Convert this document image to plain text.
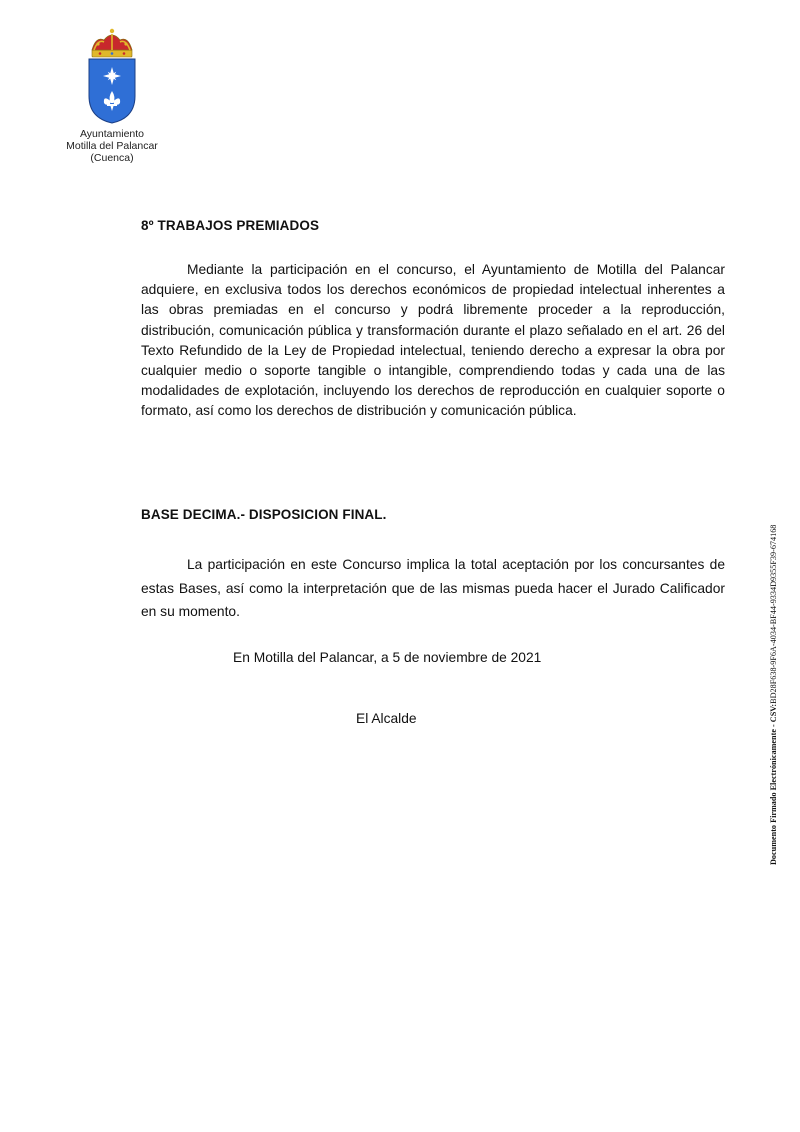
Ayuntamiento

Motilla del Palancar

(Cuenca)

8º TRABAJOS PREMIADOS

Mediante la participación en el concurso, el Ayuntamiento de Motilla del Palancar adquiere, en exclusiva todos los derechos económicos de propiedad intelectual inherentes a las obras premiadas en el concurso y podrá libremente proceder a la reproducción, distribución, comunicación pública y transformación durante el plazo señalado en el art. 26 del Texto Refundido de la Ley de Propiedad intelectual, teniendo derecho a expresar la obra por cualquier medio o soporte tangible o intangible, comprendiendo todas y cada una de las modalidades de explotación, incluyendo los derechos de reproducción en cualquier soporte o formato, así como los derechos de distribución y comunicación pública.

BASE DECIMA.- DISPOSICION FINAL.

La participación en este Concurso implica la total aceptación por los concursantes de estas Bases, así como la interpretación que de las mismas pueda hacer el Jurado Calificador en su momento.

En Motilla del Palancar, a 5 de noviembre de 2021

El Alcalde	Documento Firmado Electrónicamente - CSV:BD28F638-9F6A-4034-BF44-9334D9355F39-674168
